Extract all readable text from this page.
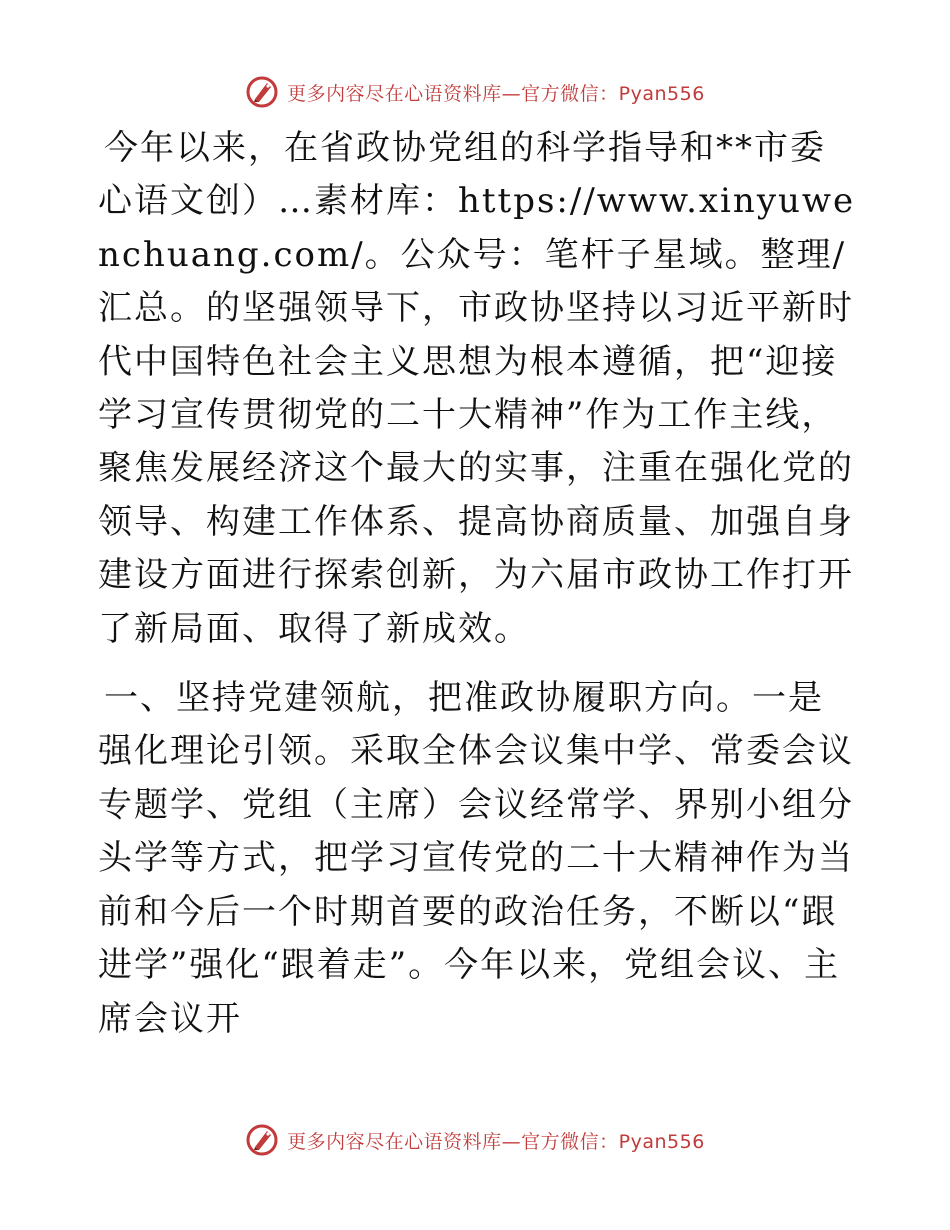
更多内容尽在心语资料库—官方微信：Pyan556

今年以来，在省政协党组的科学指导和**市委心语文创）…素材库：https://www.xinyuwenchuang.com/。公众号：笔杆子星域。整理/汇总。的坚强领导下，市政协坚持以习近平新时代中国特色社会主义思想为根本遵循，把“迎接学习宣传贯彻党的二十大精神”作为工作主线，聚焦发展经济这个最大的实事，注重在强化党的领导、构建工作体系、提高协商质量、加强自身建设方面进行探索创新，为六届市政协工作打开了新局面、取得了新成效。

一、坚持党建领航，把准政协履职方向。一是强化理论引领。采取全体会议集中学、常委会议专题学、党组（主席）会议经常学、界别小组分头学等方式，把学习宣传党的二十大精神作为当前和今后一个时期首要的政治任务，不断以“跟进学”强化“跟着走”。今年以来，党组会议、主席会议开

更多内容尽在心语资料库—官方微信：Pyan556
